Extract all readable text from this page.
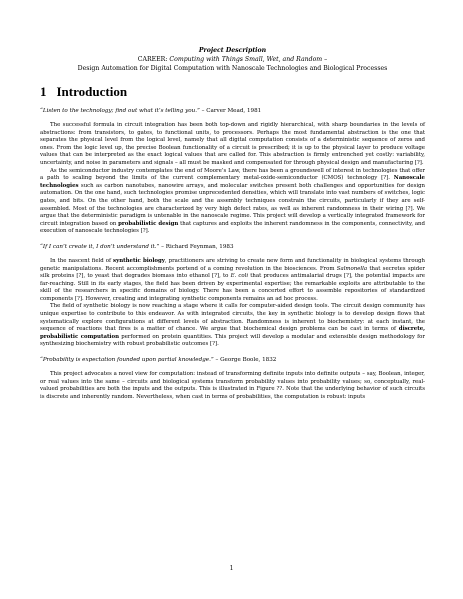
Project Description
CAREER: Computing with Things Small, Wet, and Random –
Design Automation for Digital Computation with Nanoscale Technologies and Biological Processes
1 Introduction
“Listen to the technology; find out what it’s telling you.” – Carver Mead, 1981

The successful formula in circuit integration has been both top-down and rigidly hierarchical, with sharp boundaries in the levels of abstractions: from transistors, to gates, to functional units, to processors. Perhaps the most fundamental abstraction is the one that separates the physical level from the logical level, namely that all digital computation consists of a deterministic sequence of zeros and ones. From the logic level up, the precise Boolean functionality of a circuit is prescribed; it is up to the physical layer to produce voltage values that can be interpreted as the exact logical values that are called for. This abstraction is firmly entrenched yet costly: variability, uncertainty, and noise in parameters and signals – all must be masked and compensated for through physical design and manufacturing [?].

As the semiconductor industry contemplates the end of Moore’s Law, there has been a groundswell of interest in technologies that offer a path to scaling beyond the limits of the current complementary metal-oxide-semiconductor (CMOS) technology [?]. Nanoscale technologies such as carbon nanotubes, nanowire arrays, and molecular switches present both challenges and opportunities for design automation. On the one hand, such technologies promise unprecedented densities, which will translate into vast numbers of switches, logic gates, and bits. On the other hand, both the scale and the assembly techniques constrain the circuits, particularly if they are self-assembled. Most of the technologies are characterized by very high defect rates, as well as inherent randomness in their wiring [?]. We argue that the deterministic paradigm is untenable in the nanoscale regime. This project will develop a vertically integrated framework for circuit integration based on probabilistic design that captures and exploits the inherent randomness in the components, connectivity, and execution of nanoscale technologies [?].

“If I can’t create it, I don’t understand it.” – Richard Feynman, 1983

In the nascent field of synthetic biology, practitioners are striving to create new form and functionality in biological systems through genetic manipulations. Recent accomplishments portend of a coming revolution in the biosciences. From Salmonella that secretes spider silk proteins [?], to yeast that degrades biomass into ethanol [?], to E. coli that produces antimalarial drugs [?], the potential impacts are far-reaching. Still in its early stages, the field has been driven by experimental expertise; the remarkable exploits are attributable to the skill of the researchers in specific domains of biology. There has been a concerted effort to assemble repositories of standardized components [?]. However, creating and integrating synthetic components remains an ad hoc process.

The field of synthetic biology is now reaching a stage where it calls for computer-aided design tools. The circuit design community has unique expertise to contribute to this endeavor. As with integrated circuits, the key in synthetic biology is to develop design flows that systematically explore configurations at different levels of abstraction. Randomness is inherent to biochemistry: at each instant, the sequence of reactions that fires is a matter of chance. We argue that biochemical design problems can be cast in terms of discrete, probabilistic computation performed on protein quantities. This project will develop a modular and extensible design methodology for synthesizing biochemistry with robust probabilistic outcomes [?].

“Probability is expectation founded upon partial knowledge.” – George Boole, 1832

This project advocates a novel view for computation: instead of transforming definite inputs into definite outputs – say, Boolean, integer, or real values into the same – circuits and biological systems transform probability values into probability values; so, conceptually, real-valued probabilities are both the inputs and the outputs. This is illustrated in Figure ??. Note that the underlying behavior of such circuits is discrete and inherently random. Nevertheless, when cast in terms of probabilities, the computation is robust: inputs

1
